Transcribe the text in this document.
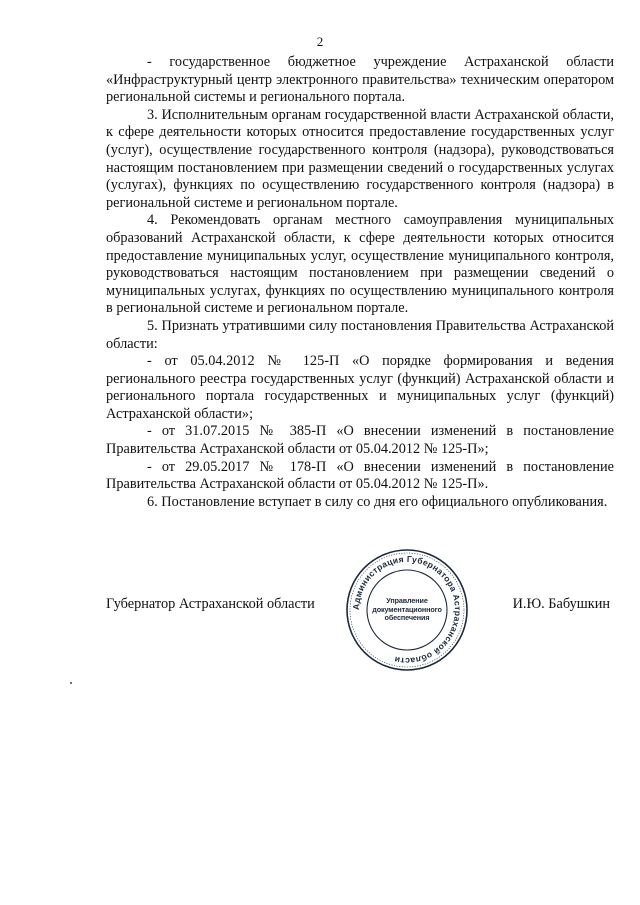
2

- государственное бюджетное учреждение Астраханской области «Инфраструктурный центр электронного правительства» техническим оператором региональной системы и регионального портала.

3. Исполнительным органам государственной власти Астраханской области, к сфере деятельности которых относится предоставление государственных услуг (услуг), осуществление государственного контроля (надзора), руководствоваться настоящим постановлением при размещении сведений о государственных услугах (услугах), функциях по осуществлению государственного контроля (надзора) в региональной системе и региональном портале.

4. Рекомендовать органам местного самоуправления муниципальных образований Астраханской области, к сфере деятельности которых относится предоставление муниципальных услуг, осуществление муниципального контроля, руководствоваться настоящим постановлением при размещении сведений о муниципальных услугах, функциях по осуществлению муниципального контроля в региональной системе и региональном портале.

5. Признать утратившими силу постановления Правительства Астраханской области:

- от 05.04.2012 № 125-П «О порядке формирования и ведения регионального реестра государственных услуг (функций) Астраханской области и регионального портала государственных и муниципальных услуг (функций) Астраханской области»;

- от 31.07.2015 № 385-П «О внесении изменений в постановление Правительства Астраханской области от 05.04.2012 № 125-П»;

- от 29.05.2017 № 178-П «О внесении изменений в постановление Правительства Астраханской области от 05.04.2012 № 125-П».

6. Постановление вступает в силу со дня его официального опубликования.

Губернатор Астраханской области	Администрация Губернатора Астраханской области
Управление
документационного
обеспечения
И.Ю. Бабушкин
